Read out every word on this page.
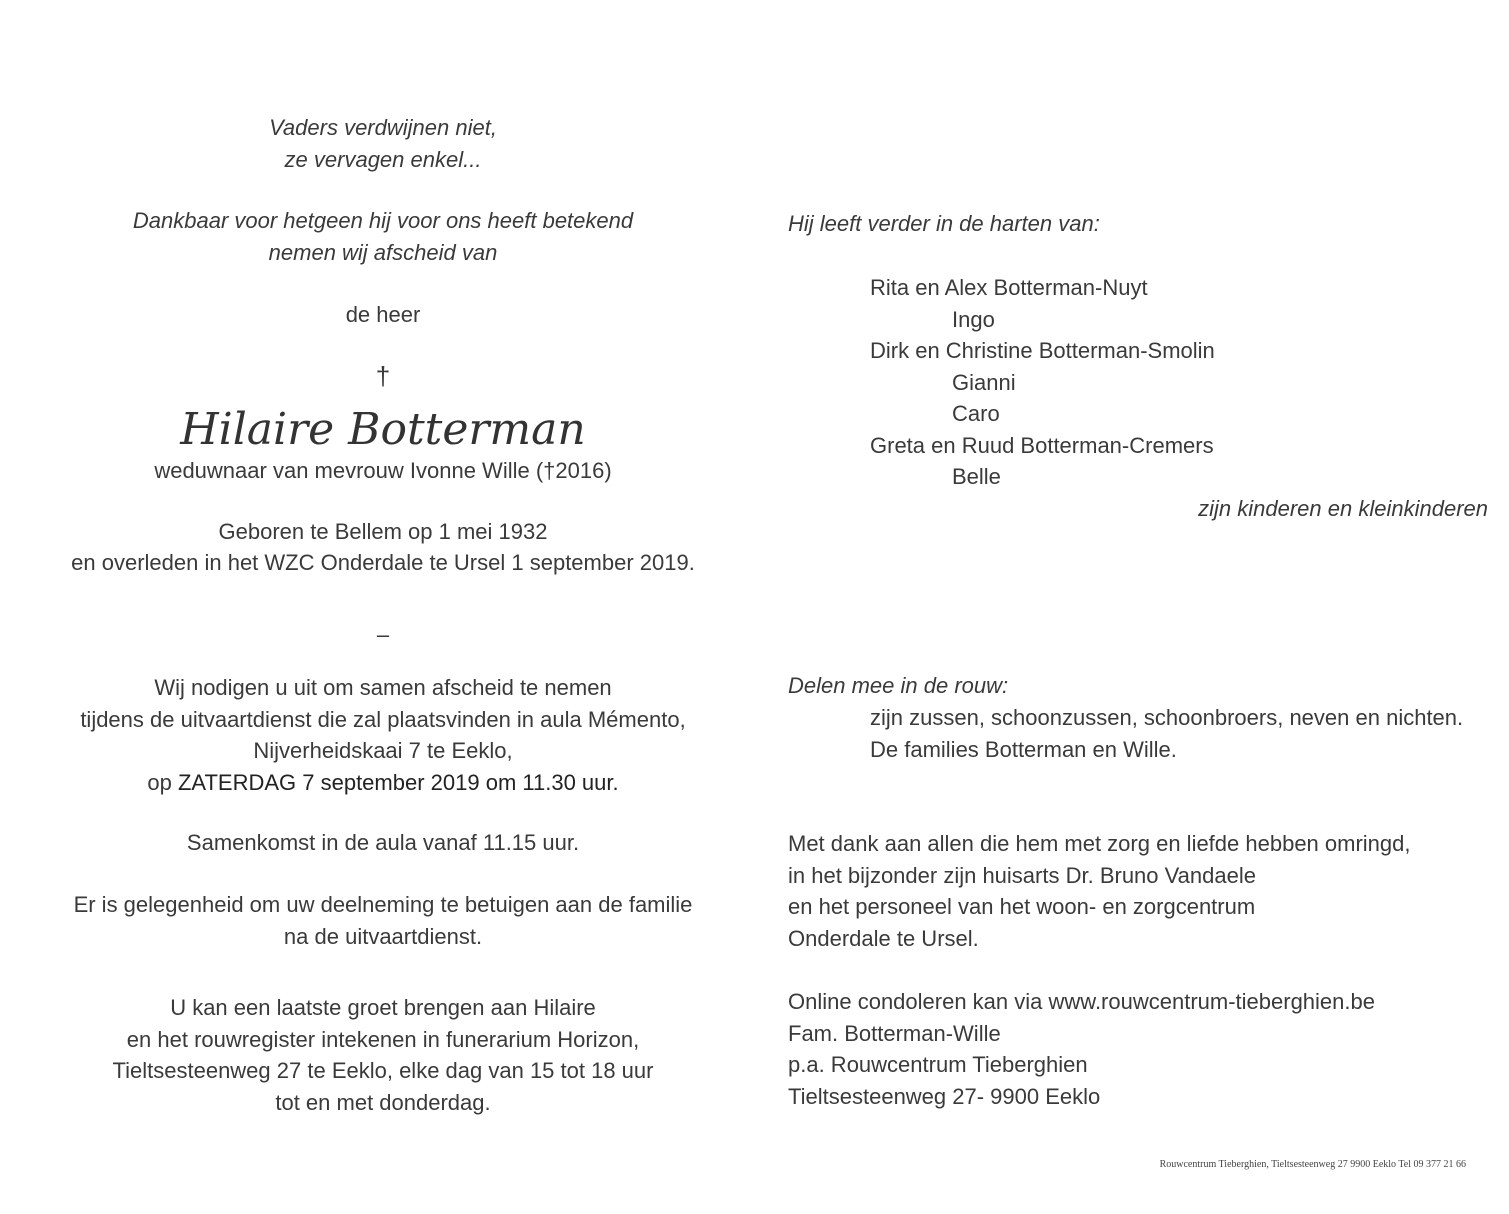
Vaders verdwijnen niet,
ze vervagen enkel...
Dankbaar voor hetgeen hij voor ons heeft betekend
nemen wij afscheid van
de heer
†
Hilaire Botterman
weduwnaar van mevrouw Ivonne Wille (†2016)
Geboren te Bellem op 1 mei 1932
en overleden in het WZC Onderdale te Ursel 1 september 2019.
–
Wij nodigen u uit om samen afscheid te nemen
tijdens de uitvaartdienst die zal plaatsvinden in aula Mémento,
Nijverheidskaai 7 te Eeklo,
op ZATERDAG 7 september 2019 om 11.30 uur.
Samenkomst in de aula vanaf 11.15 uur.
Er is gelegenheid om uw deelneming te betuigen aan de familie
na de uitvaartdienst.
U kan een laatste groet brengen aan Hilaire
en het rouwregister intekenen in funerarium Horizon,
Tieltsesteenweg 27 te Eeklo, elke dag van 15 tot 18 uur
tot en met donderdag.
Hij leeft verder in de harten van:
Rita en Alex Botterman-Nuyt
Ingo
Dirk en Christine Botterman-Smolin
Gianni
Caro
Greta en Ruud Botterman-Cremers
Belle
zijn kinderen en kleinkinderen
Delen mee in de rouw:
zijn zussen, schoonzussen, schoonbroers, neven en nichten.
De families Botterman en Wille.
Met dank aan allen die hem met zorg en liefde hebben omringd,
in het bijzonder zijn huisarts Dr. Bruno Vandaele
en het personeel van het woon- en zorgcentrum
Onderdale te Ursel.
Online condoleren kan via www.rouwcentrum-tieberghien.be
Fam. Botterman-Wille
p.a. Rouwcentrum Tieberghien
Tieltsesteenweg 27- 9900 Eeklo
Rouwcentrum Tieberghien, Tieltsesteenweg 27 9900 Eeklo Tel 09 377 21 66
